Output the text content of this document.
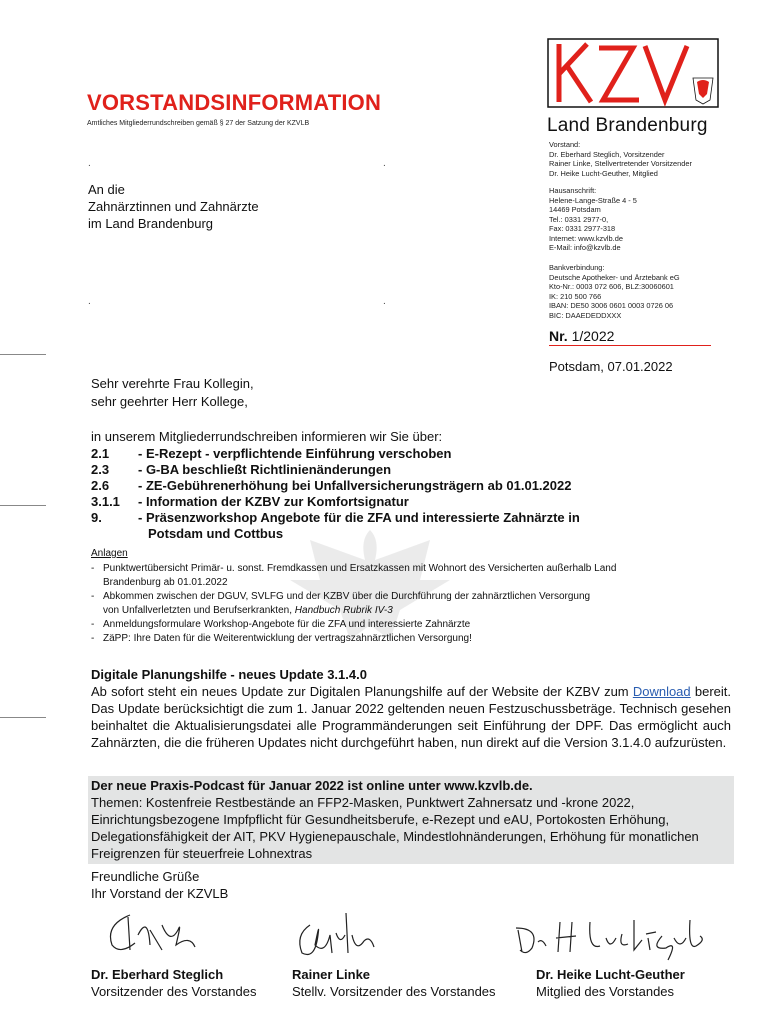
Land Brandenburg
VORSTANDSINFORMATION
Amtliches Mitgliederrundschreiben gemäß § 27 der Satzung der KZVLB
.	.
.	.
An die
Zahnärztinnen und Zahnärzte
im Land Brandenburg
Vorstand:
Dr. Eberhard Steglich, Vorsitzender
Rainer Linke, Stellvertretender Vorsitzender
Dr. Heike Lucht-Geuther, Mitglied
Hausanschrift:
Helene-Lange-Straße 4 - 5
14469 Potsdam
Tel.: 0331 2977-0,
Fax: 0331 2977-318
Internet: www.kzvlb.de
E-Mail: info@kzvlb.de
Bankverbindung:
Deutsche Apotheker- und Ärztebank eG
Kto-Nr.: 0003 072 606, BLZ:30060601
IK: 210 500 766
IBAN: DE50 3006 0601 0003 0726 06
BIC: DAAEDEDDXXX
Nr. 1/2022
Potsdam, 07.01.2022
Sehr verehrte Frau Kollegin,
sehr geehrter Herr Kollege,
in unserem Mitgliederrundschreiben informieren wir Sie über:
2.1 - E-Rezept - verpflichtende Einführung verschoben
2.3 - G-BA beschließt Richtlinienänderungen
2.6 - ZE-Gebührenerhöhung bei Unfallversicherungsträgern ab 01.01.2022
3.1.1 - Information der KZBV zur Komfortsignatur
9.	- Präsenzworkshop Angebote für die ZFA und interessierte Zahnärzte in
Potsdam und Cottbus
Anlagen
- Punktwertübersicht Primär- u. sonst. Fremdkassen und Ersatzkassen mit Wohnort des Versicherten außerhalb Land
Brandenburg ab 01.01.2022
- Abkommen zwischen der DGUV, SVLFG und der KZBV über die Durchführung der zahnärztlichen Versorgung
von Unfallverletzten und Berufserkrankten, Handbuch Rubrik IV-3
- Anmeldungsformulare Workshop-Angebote für die ZFA und interessierte Zahnärzte
- ZäPP: Ihre Daten für die Weiterentwicklung der vertragszahnärztlichen Versorgung!
Digitale Planungshilfe - neues Update 3.1.4.0
Ab sofort steht ein neues Update zur Digitalen Planungshilfe auf der Website der KZBV zum Download bereit. Das Update berücksichtigt die zum 1. Januar 2022 geltenden neuen Festzuschussbeträge. Technisch gesehen beinhaltet die Aktualisierungsdatei alle Programmänderungen seit Einführung der DPF. Das ermöglicht auch Zahnärzten, die die früheren Updates nicht durchgeführt haben, nun direkt auf die Version 3.1.4.0 aufzurüsten.
Der neue Praxis-Podcast für Januar 2022 ist online unter www.kzvlb.de.
Themen: Kostenfreie Restbestände an FFP2-Masken, Punktwert Zahnersatz und -krone 2022, Einrichtungsbezogene Impfpflicht für Gesundheitsberufe, e-Rezept und eAU, Portokosten Erhöhung, Delegationsfähigkeit der AIT, PKV Hygienepauschale, Mindestlohnänderungen, Erhöhung für monatlichen Freigrenzen für steuerfreie Lohnextras
Freundliche Grüße
Ihr Vorstand der KZVLB
Dr. Eberhard Steglich
Vorsitzender des Vorstandes
Rainer Linke
Stellv. Vorsitzender des Vorstandes
Dr. Heike Lucht-Geuther
Mitglied des Vorstandes
